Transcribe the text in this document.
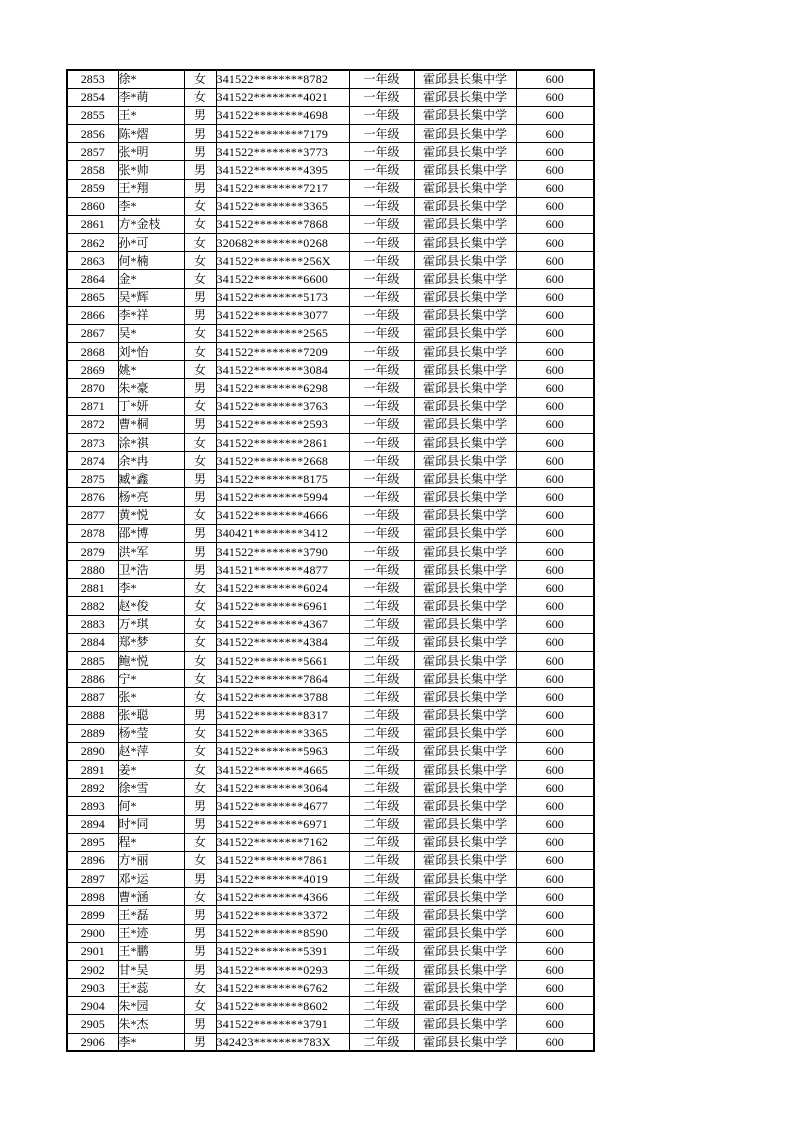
2853	徐*	女	341522********8782	一年级	霍邱县长集中学	600
2854	李*萌	女	341522********4021	一年级	霍邱县长集中学	600
2855	王*	男	341522********4698	一年级	霍邱县长集中学	600
2856	陈*熠	男	341522********7179	一年级	霍邱县长集中学	600
2857	张*明	男	341522********3773	一年级	霍邱县长集中学	600
2858	张*帅	男	341522********4395	一年级	霍邱县长集中学	600
2859	王*翔	男	341522********7217	一年级	霍邱县长集中学	600
2860	李*	女	341522********3365	一年级	霍邱县长集中学	600
2861	方*金枝	女	341522********7868	一年级	霍邱县长集中学	600
2862	孙*可	女	320682********0268	一年级	霍邱县长集中学	600
2863	何*楠	女	341522********256X	一年级	霍邱县长集中学	600
2864	金*	女	341522********6600	一年级	霍邱县长集中学	600
2865	吴*辉	男	341522********5173	一年级	霍邱县长集中学	600
2866	李*祥	男	341522********3077	一年级	霍邱县长集中学	600
2867	吴*	女	341522********2565	一年级	霍邱县长集中学	600
2868	刘*怡	女	341522********7209	一年级	霍邱县长集中学	600
2869	姚*	女	341522********3084	一年级	霍邱县长集中学	600
2870	朱*豪	男	341522********6298	一年级	霍邱县长集中学	600
2871	丁*妍	女	341522********3763	一年级	霍邱县长集中学	600
2872	曹*桐	男	341522********2593	一年级	霍邱县长集中学	600
2873	涂*祺	女	341522********2861	一年级	霍邱县长集中学	600
2874	余*冉	女	341522********2668	一年级	霍邱县长集中学	600
2875	臧*鑫	男	341522********8175	一年级	霍邱县长集中学	600
2876	杨*亮	男	341522********5994	一年级	霍邱县长集中学	600
2877	黄*悦	女	341522********4666	一年级	霍邱县长集中学	600
2878	邵*博	男	340421********3412	一年级	霍邱县长集中学	600
2879	洪*军	男	341522********3790	一年级	霍邱县长集中学	600
2880	卫*浩	男	341521********4877	一年级	霍邱县长集中学	600
2881	李*	女	341522********6024	一年级	霍邱县长集中学	600
2882	赵*俊	女	341522********6961	二年级	霍邱县长集中学	600
2883	万*琪	女	341522********4367	二年级	霍邱县长集中学	600
2884	郑*梦	女	341522********4384	二年级	霍邱县长集中学	600
2885	鲍*悦	女	341522********5661	二年级	霍邱县长集中学	600
2886	宁*	女	341522********7864	二年级	霍邱县长集中学	600
2887	张*	女	341522********3788	二年级	霍邱县长集中学	600
2888	张*聪	男	341522********8317	二年级	霍邱县长集中学	600
2889	杨*莹	女	341522********3365	二年级	霍邱县长集中学	600
2890	赵*萍	女	341522********5963	二年级	霍邱县长集中学	600
2891	姜*	女	341522********4665	二年级	霍邱县长集中学	600
2892	徐*雪	女	341522********3064	二年级	霍邱县长集中学	600
2893	何*	男	341522********4677	二年级	霍邱县长集中学	600
2894	时*同	男	341522********6971	二年级	霍邱县长集中学	600
2895	程*	女	341522********7162	二年级	霍邱县长集中学	600
2896	方*丽	女	341522********7861	二年级	霍邱县长集中学	600
2897	邓*运	男	341522********4019	二年级	霍邱县长集中学	600
2898	曹*涵	女	341522********4366	二年级	霍邱县长集中学	600
2899	王*磊	男	341522********3372	二年级	霍邱县长集中学	600
2900	王*迹	男	341522********8590	二年级	霍邱县长集中学	600
2901	王*鹏	男	341522********5391	二年级	霍邱县长集中学	600
2902	甘*吴	男	341522********0293	二年级	霍邱县长集中学	600
2903	王*蕊	女	341522********6762	二年级	霍邱县长集中学	600
2904	朱*园	女	341522********8602	二年级	霍邱县长集中学	600
2905	朱*杰	男	341522********3791	二年级	霍邱县长集中学	600
2906	李*	男	342423********783X	二年级	霍邱县长集中学	600
